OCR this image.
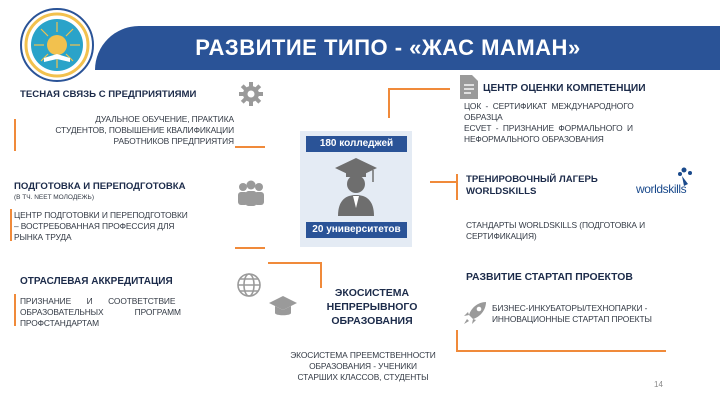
РАЗВИТИЕ ТИПО - «ЖАС МАМАН»
ТЕСНАЯ СВЯЗЬ С ПРЕДПРИЯТИЯМИ
ДУАЛЬНОЕ ОБУЧЕНИЕ, ПРАКТИКА
СТУДЕНТОВ, ПОВЫШЕНИЕ КВАЛИФИКАЦИИ
РАБОТНИКОВ ПРЕДПРИЯТИЯ
ПОДГОТОВКА И ПЕРЕПОДГОТОВКА
(В ТЧ. NEET МОЛОДЕЖЬ)
ЦЕНТР ПОДГОТОВКИ И ПЕРЕПОДГОТОВКИ
– ВОСТРЕБОВАННАЯ ПРОФЕССИЯ ДЛЯ
РЫНКА ТРУДА
ОТРАСЛЕВАЯ АККРЕДИТАЦИЯ
ПРИЗНАНИЕ       И       СООТВЕТСТВИЕ
ОБРАЗОВАТЕЛЬНЫХ              ПРОГРАММ
ПРОФСТАНДАРТАМ
180 колледжей
20 университетов
ЭКОСИСТЕМА
НЕПРЕРЫВНОГО
ОБРАЗОВАНИЯ
ЭКОСИСТЕМА ПРЕЕМСТВЕННОСТИ
ОБРАЗОВАНИЯ - УЧЕНИКИ
СТАРШИХ КЛАССОВ, СТУДЕНТЫ
ЦЕНТР ОЦЕНКИ КОМПЕТЕНЦИИ
ЦОК  -  СЕРТИФИКАТ  МЕЖДУНАРОДНОГО
ОБРАЗЦА
ECVET  -  ПРИЗНАНИЕ  ФОРМАЛЬНОГО  И
НЕФОРМАЛЬНОГО ОБРАЗОВАНИЯ
ТРЕНИРОВОЧНЫЙ ЛАГЕРЬ
WORLDSKILLS	worldskills
СТАНДАРТЫ WORLDSKILLS (ПОДГОТОВКА И
СЕРТИФИКАЦИЯ)
РАЗВИТИЕ СТАРТАП ПРОЕКТОВ
БИЗНЕС-ИНКУБАТОРЫ/ТЕХНОПАРКИ -
ИННОВАЦИОННЫЕ СТАРТАП ПРОЕКТЫ
14
